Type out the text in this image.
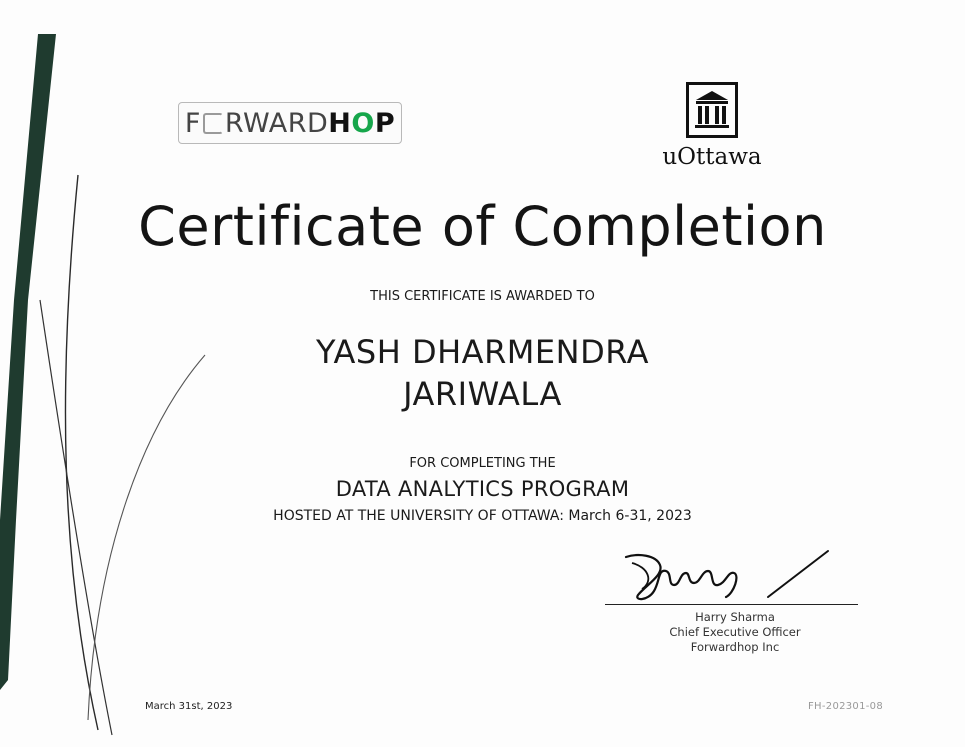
F RWARD H O P
uOttawa
Certificate of Completion
THIS CERTIFICATE IS AWARDED TO
YASH DHARMENDRA
JARIWALA
FOR COMPLETING THE
DATA ANALYTICS PROGRAM
HOSTED AT THE UNIVERSITY OF OTTAWA: March 6-31, 2023
Harry Sharma
Chief Executive Officer
Forwardhop Inc
March 31st, 2023	FH-202301-08
